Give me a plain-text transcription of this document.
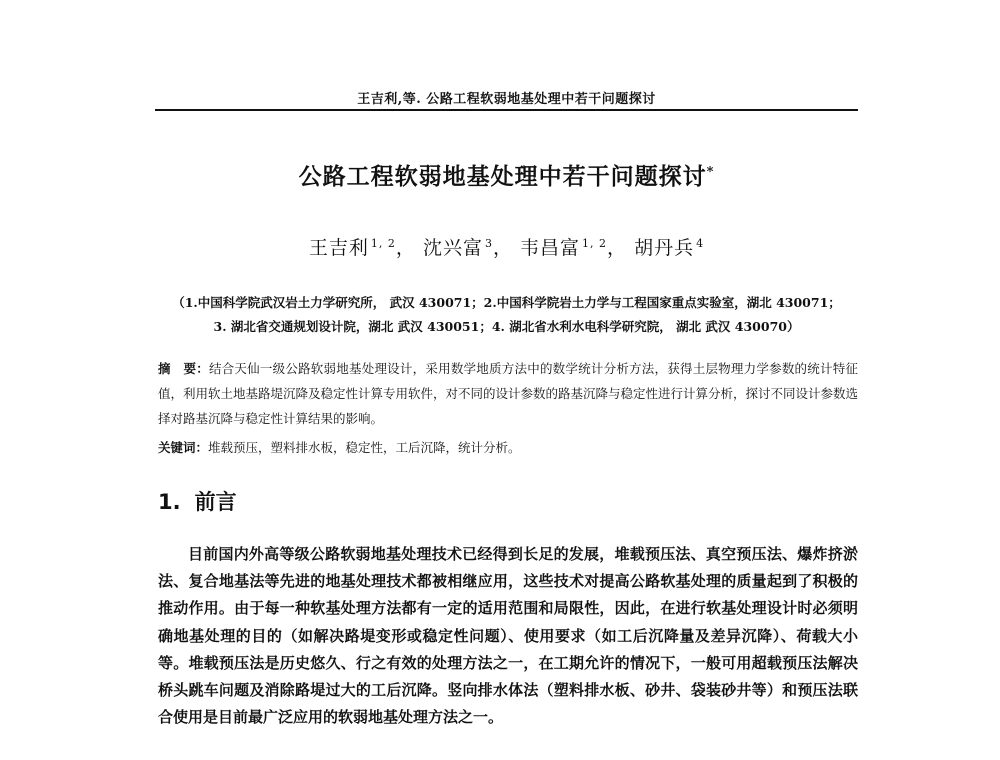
王吉利,等. 公路工程软弱地基处理中若干问题探讨
公路工程软弱地基处理中若干问题探讨*
王吉利 $^{1, 2}$， 沈兴富 $^3$， 韦昌富 $^{1, 2}$， 胡丹兵 $^4$
（1.中国科学院武汉岩土力学研究所， 武汉 430071；2.中国科学院岩土力学与工程国家重点实验室，湖北 430071；
3. 湖北省交通规划设计院，湖北 武汉 430051；4. 湖北省水利水电科学研究院， 湖北 武汉 430070）
摘　要：结合天仙一级公路软弱地基处理设计，采用数学地质方法中的数学统计分析方法，获得土层物理力学参数的统计特征值，利用软土地基路堤沉降及稳定性计算专用软件，对不同的设计参数的路基沉降与稳定性进行计算分析，探讨不同设计参数选择对路基沉降与稳定性计算结果的影响。
关键词：堆载预压，塑料排水板，稳定性，工后沉降，统计分析。
1. 前言
目前国内外高等级公路软弱地基处理技术已经得到长足的发展，堆载预压法、真空预压法、爆炸挤淤法、复合地基法等先进的地基处理技术都被相继应用，这些技术对提高公路软基处理的质量起到了积极的推动作用。由于每一种软基处理方法都有一定的适用范围和局限性，因此，在进行软基处理设计时必须明确地基处理的目的（如解决路堤变形或稳定性问题）、使用要求（如工后沉降量及差异沉降）、荷载大小等。堆载预压法是历史悠久、行之有效的处理方法之一，在工期允许的情况下，一般可用超载预压法解决桥头跳车问题及消除路堤过大的工后沉降。竖向排水体法（塑料排水板、砂井、袋装砂井等）和预压法联合使用是目前最广泛应用的软弱地基处理方法之一。
